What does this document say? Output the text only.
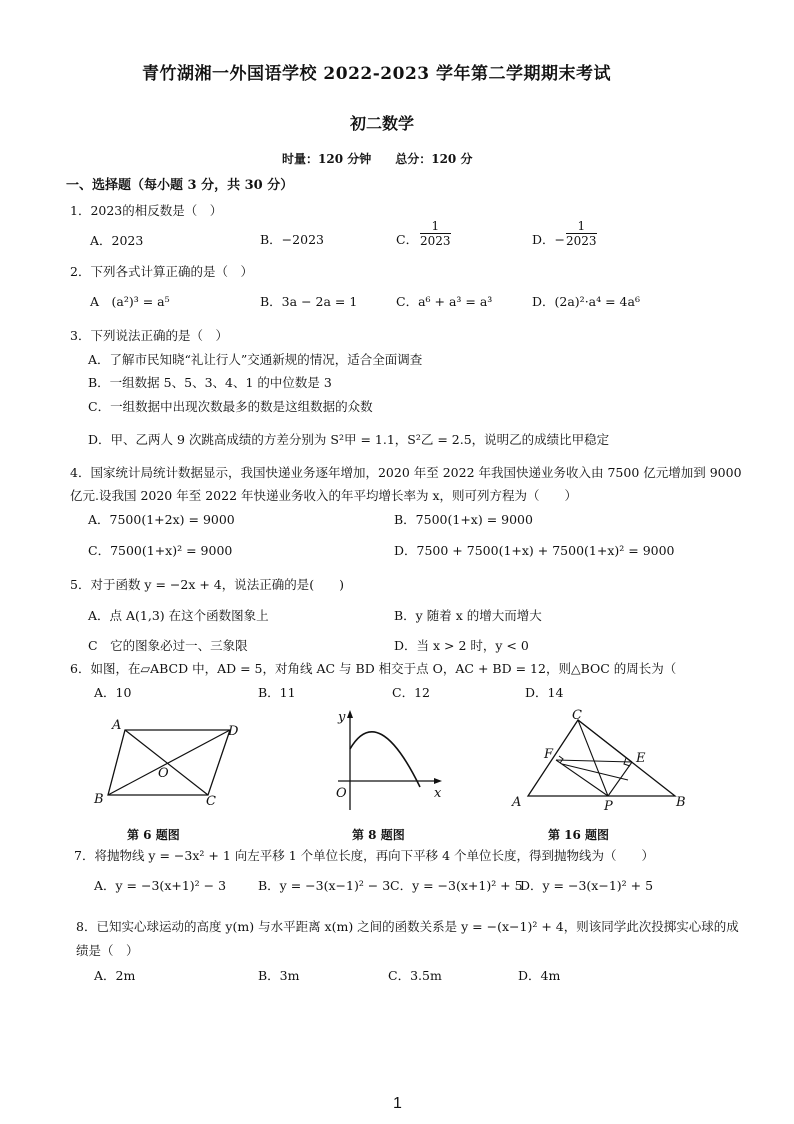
青竹湖湘一外国语学校 2022-2023 学年第二学期期末考试
初二数学
时量：120 分钟　　总分：120 分
一、选择题（每小题 3 分，共 30 分）
1．2023的相反数是（　）
A．2023	B．−2023	C． $\frac{1}{2023}$	D．− $\frac{1}{2023}$
2．下列各式计算正确的是（　）
A　(a²)³ = a⁵	B．3a − 2a = 1	C．a⁶ + a³ = a³	D．(2a)²·a⁴ = 4a⁶
3．下列说法正确的是（　）
A．了解市民知晓“礼让行人”交通新规的情况，适合全面调查
B．一组数据 5、5、3、4、1 的中位数是 3
C．一组数据中出现次数最多的数是这组数据的众数
D．甲、乙两人 9 次跳高成绩的方差分别为 S²甲 = 1.1，S²乙 = 2.5，说明乙的成绩比甲稳定
4．国家统计局统计数据显示，我国快递业务逐年增加，2020 年至 2022 年我国快递业务收入由 7500 亿元增加到 9000
亿元.设我国 2020 年至 2022 年快递业务收入的年平均增长率为 x，则可列方程为（　　）
A．7500(1+2x) = 9000	B．7500(1+x) = 9000
C．7500(1+x)² = 9000	D．7500 + 7500(1+x) + 7500(1+x)² = 9000
5．对于函数 y = −2x + 4，说法正确的是(　　)
A．点 A(1,3) 在这个函数图象上	B．y 随着 x 的增大而增大
C　它的图象必过一、三象限	D．当 x > 2 时，y < 0
6．如图，在▱ABCD 中，AD = 5，对角线 AC 与 BD 相交于点 O，AC + BD = 12，则△BOC 的周长为（
A．10	B．11	C．12	D．14
A	D
B	C
O
第 6 题图
y
x
O
第 8 题图
A	B
C
E
F
P
第 16 题图
7．将抛物线 y = −3x² + 1 向左平移 1 个单位长度，再向下平移 4 个单位长度，得到抛物线为（　　）
A．y = −3(x+1)² − 3	B．y = −3(x−1)² − 3 C．y = −3(x+1)² + 5
D．y = −3(x−1)² + 5
8．已知实心球运动的高度 y(m) 与水平距离 x(m) 之间的函数关系是 y = −(x−1)² + 4，则该同学此次投掷实心球的成
绩是（　）
A．2m	B．3m	C．3.5m	D．4m
1
